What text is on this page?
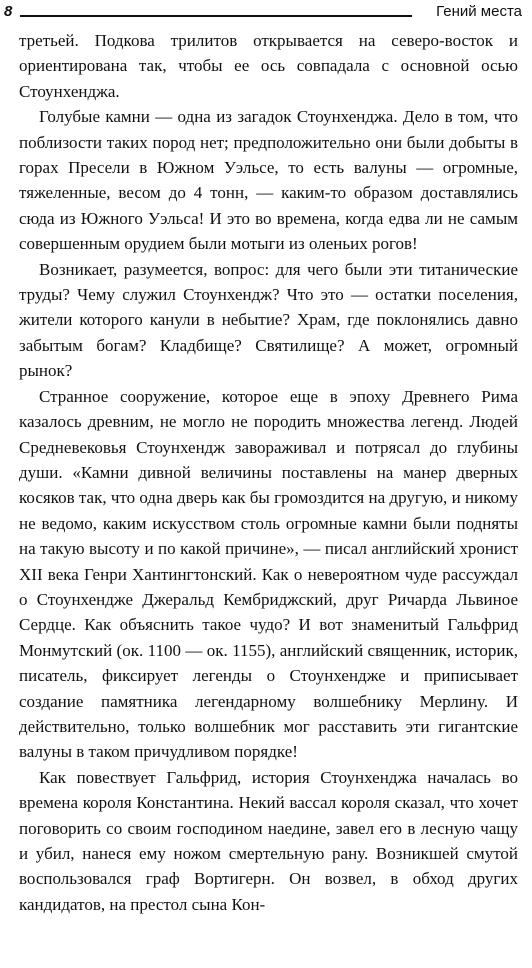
8	Гений места

третьей. Подкова трилитов открывается на северо-восток и ориентирована так, чтобы ее ось совпадала с основной осью Стоунхенджа.

Голубые камни — одна из загадок Стоунхенджа. Дело в том, что поблизости таких пород нет; предположительно они были добыты в горах Пресели в Южном Уэльсе, то есть валуны — огромные, тяжеленные, весом до 4 тонн, — каким-то образом доставлялись сюда из Южного Уэльса! И это во времена, когда едва ли не самым совершенным орудием были мотыги из оленьих рогов!

Возникает, разумеется, вопрос: для чего были эти титанические труды? Чему служил Стоунхендж? Что это — остатки поселения, жители которого канули в небытие? Храм, где поклонялись давно забытым богам? Кладбище? Святилище? А может, огромный рынок?

Странное сооружение, которое еще в эпоху Древнего Рима казалось древним, не могло не породить множества легенд. Людей Средневековья Стоунхендж завораживал и потрясал до глубины души. «Камни дивной величины поставлены на манер дверных косяков так, что одна дверь как бы громоздится на другую, и никому не ведомо, каким искусством столь огромные камни были подняты на такую высоту и по какой причине», — писал английский хронист XII века Генри Хантингтонский. Как о невероятном чуде рассуждал о Стоунхендже Джеральд Кембриджский, друг Ричарда Львиное Сердце. Как объяснить такое чудо? И вот знаменитый Гальфрид Монмутский (ок. 1100 — ок. 1155), английский священник, историк, писатель, фиксирует легенды о Стоунхендже и приписывает создание памятника легендарному волшебнику Мерлину. И действительно, только волшебник мог расставить эти гигантские валуны в таком причудливом порядке!

Как повествует Гальфрид, история Стоунхенджа началась во времена короля Константина. Некий вассал короля сказал, что хочет поговорить со своим господином наедине, завел его в лесную чащу и убил, нанеся ему ножом смертельную рану. Возникшей смутой воспользовался граф Вортигерн. Он возвел, в обход других кандидатов, на престол сына Кон-
